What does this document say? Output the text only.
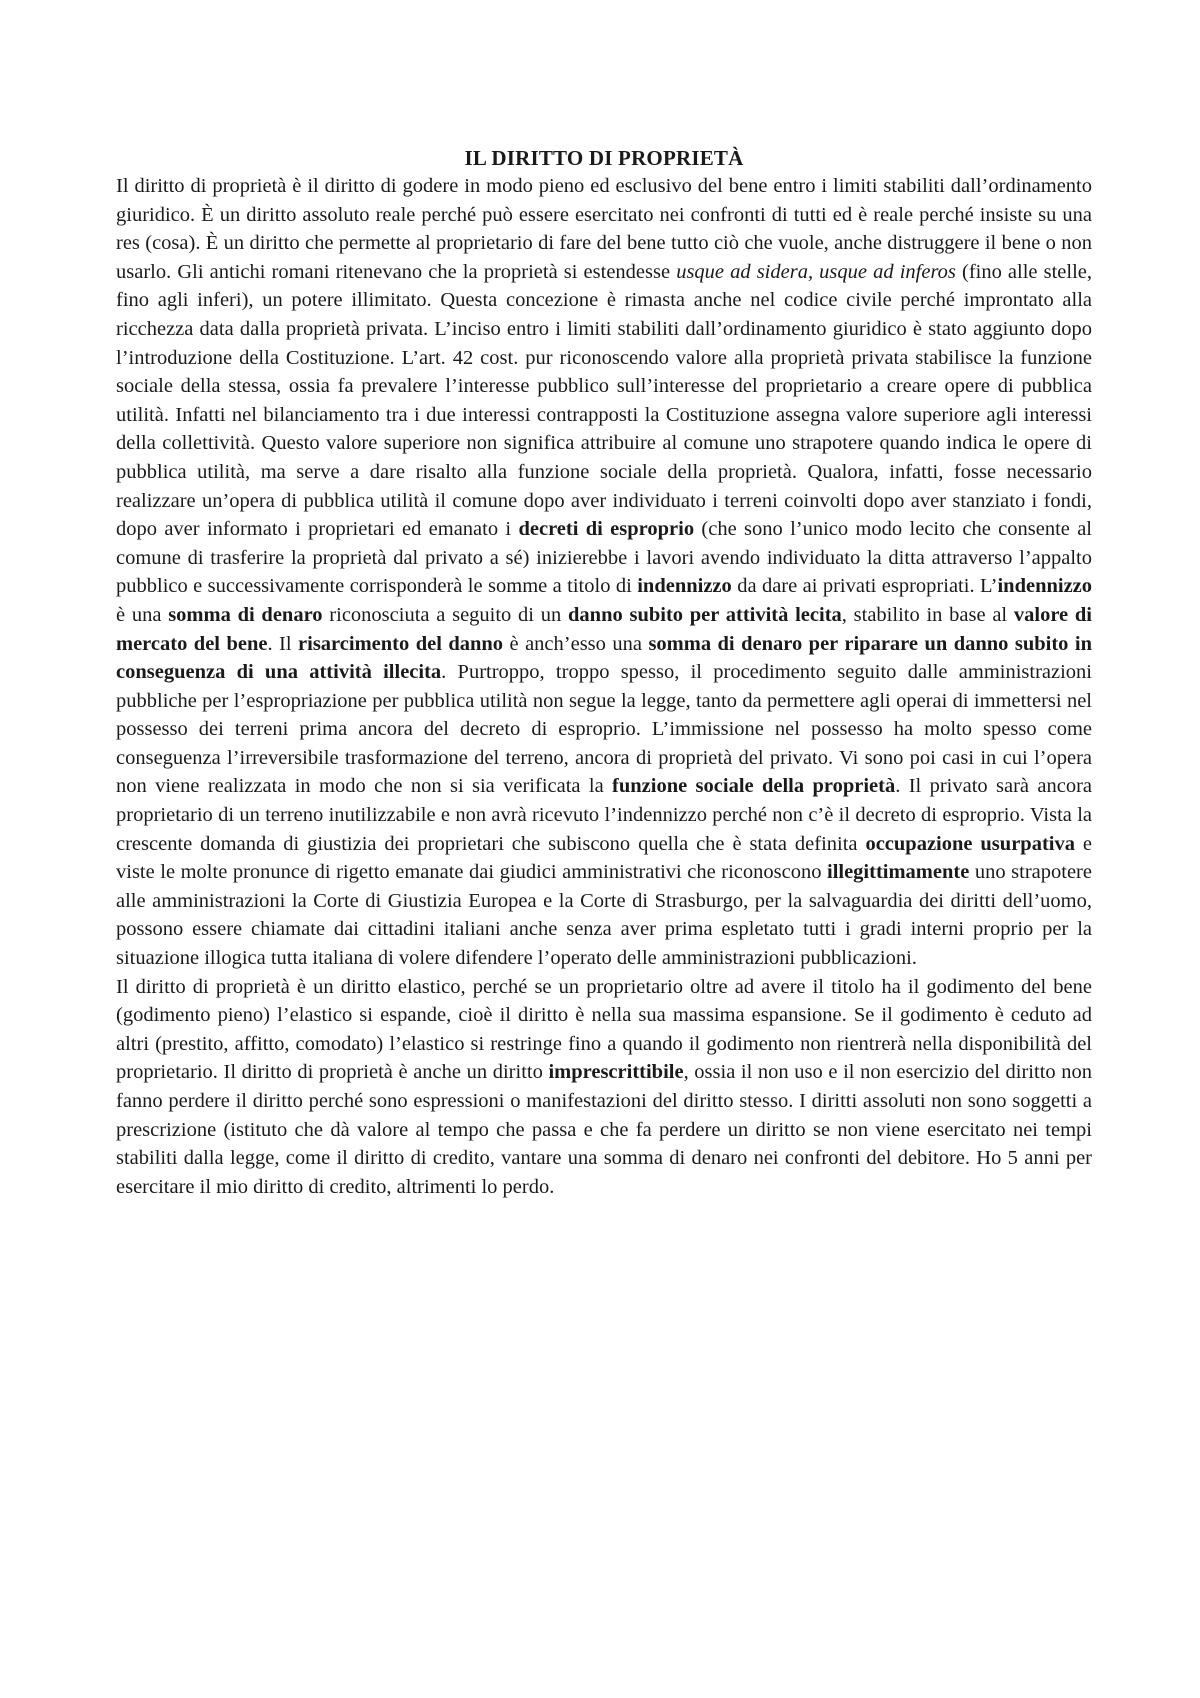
IL DIRITTO DI PROPRIETÀ

Il diritto di proprietà è il diritto di godere in modo pieno ed esclusivo del bene entro i limiti stabiliti dall’ordinamento giuridico. È un diritto assoluto reale perché può essere esercitato nei confronti di tutti ed è reale perché insiste su una res (cosa). È un diritto che permette al proprietario di fare del bene tutto ciò che vuole, anche distruggere il bene o non usarlo. Gli antichi romani ritenevano che la proprietà si estendesse usque ad sidera, usque ad inferos (fino alle stelle, fino agli inferi), un potere illimitato. Questa concezione è rimasta anche nel codice civile perché improntato alla ricchezza data dalla proprietà privata. L’inciso entro i limiti stabiliti dall’ordinamento giuridico è stato aggiunto dopo l’introduzione della Costituzione. L’art. 42 cost. pur riconoscendo valore alla proprietà privata stabilisce la funzione sociale della stessa, ossia fa prevalere l’interesse pubblico sull’interesse del proprietario a creare opere di pubblica utilità. Infatti nel bilanciamento tra i due interessi contrapposti la Costituzione assegna valore superiore agli interessi della collettività. Questo valore superiore non significa attribuire al comune uno strapotere quando indica le opere di pubblica utilità, ma serve a dare risalto alla funzione sociale della proprietà. Qualora, infatti, fosse necessario realizzare un’opera di pubblica utilità il comune dopo aver individuato i terreni coinvolti dopo aver stanziato i fondi, dopo aver informato i proprietari ed emanato i decreti di esproprio (che sono l’unico modo lecito che consente al comune di trasferire la proprietà dal privato a sé) inizierebbe i lavori avendo individuato la ditta attraverso l’appalto pubblico e successivamente corrisponderà le somme a titolo di indennizzo da dare ai privati espropriati. L’indennizzo è una somma di denaro riconosciuta a seguito di un danno subito per attività lecita, stabilito in base al valore di mercato del bene. Il risarcimento del danno è anch’esso una somma di denaro per riparare un danno subito in conseguenza di una attività illecita. Purtroppo, troppo spesso, il procedimento seguito dalle amministrazioni pubbliche per l’espropriazione per pubblica utilità non segue la legge, tanto da permettere agli operai di immettersi nel possesso dei terreni prima ancora del decreto di esproprio. L’immissione nel possesso ha molto spesso come conseguenza l’irreversibile trasformazione del terreno, ancora di proprietà del privato. Vi sono poi casi in cui l’opera non viene realizzata in modo che non si sia verificata la funzione sociale della proprietà. Il privato sarà ancora proprietario di un terreno inutilizzabile e non avrà ricevuto l’indennizzo perché non c’è il decreto di esproprio. Vista la crescente domanda di giustizia dei proprietari che subiscono quella che è stata definita occupazione usurpativa e viste le molte pronunce di rigetto emanate dai giudici amministrativi che riconoscono illegittimamente uno strapotere alle amministrazioni la Corte di Giustizia Europea e la Corte di Strasburgo, per la salvaguardia dei diritti dell’uomo, possono essere chiamate dai cittadini italiani anche senza aver prima espletato tutti i gradi interni proprio per la situazione illogica tutta italiana di volere difendere l’operato delle amministrazioni pubblicazioni.

Il diritto di proprietà è un diritto elastico, perché se un proprietario oltre ad avere il titolo ha il godimento del bene (godimento pieno) l’elastico si espande, cioè il diritto è nella sua massima espansione. Se il godimento è ceduto ad altri (prestito, affitto, comodato) l’elastico si restringe fino a quando il godimento non rientrerà nella disponibilità del proprietario. Il diritto di proprietà è anche un diritto imprescrittibile, ossia il non uso e il non esercizio del diritto non fanno perdere il diritto perché sono espressioni o manifestazioni del diritto stesso. I diritti assoluti non sono soggetti a prescrizione (istituto che dà valore al tempo che passa e che fa perdere un diritto se non viene esercitato nei tempi stabiliti dalla legge, come il diritto di credito, vantare una somma di denaro nei confronti del debitore. Ho 5 anni per esercitare il mio diritto di credito, altrimenti lo perdo.
